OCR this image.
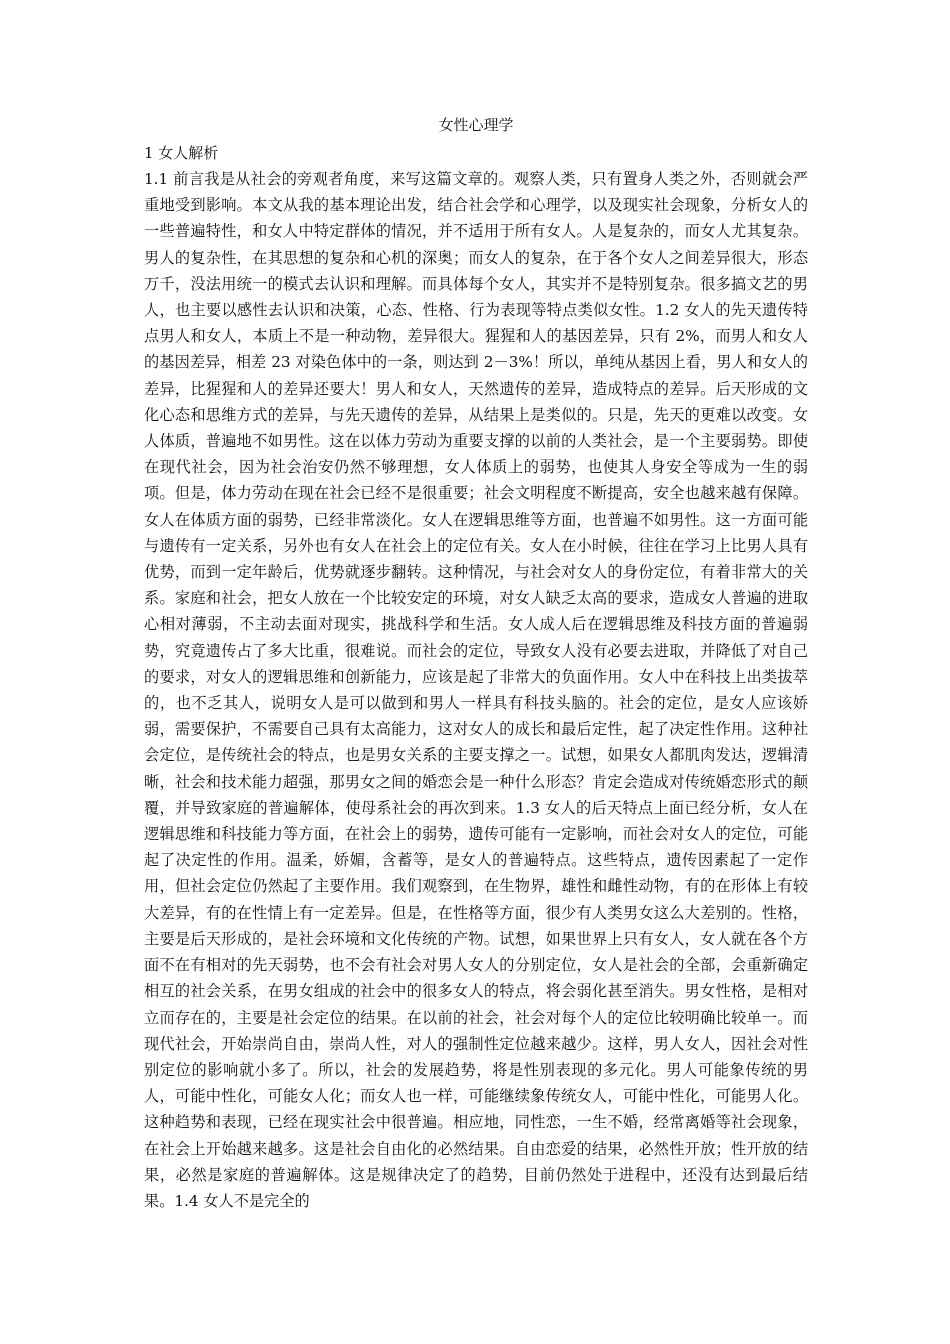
女性心理学
1 女人解析

1.1 前言我是从社会的旁观者角度，来写这篇文章的。观察人类，只有置身人类之外，否则就会严重地受到影响。本文从我的基本理论出发，结合社会学和心理学，以及现实社会现象，分析女人的一些普遍特性，和女人中特定群体的情况，并不适用于所有女人。人是复杂的，而女人尤其复杂。男人的复杂性，在其思想的复杂和心机的深奥；而女人的复杂，在于各个女人之间差异很大，形态万千，没法用统一的模式去认识和理解。而具体每个女人，其实并不是特别复杂。很多搞文艺的男人，也主要以感性去认识和决策，心态、性格、行为表现等特点类似女性。1.2 女人的先天遗传特点男人和女人，本质上不是一种动物，差异很大。猩猩和人的基因差异，只有 2%，而男人和女人的基因差异，相差 23 对染色体中的一条，则达到 2－3%！所以，单纯从基因上看，男人和女人的差异，比猩猩和人的差异还要大！男人和女人，天然遗传的差异，造成特点的差异。后天形成的文化心态和思维方式的差异，与先天遗传的差异，从结果上是类似的。只是，先天的更难以改变。女人体质，普遍地不如男性。这在以体力劳动为重要支撑的以前的人类社会，是一个主要弱势。即使在现代社会，因为社会治安仍然不够理想，女人体质上的弱势，也使其人身安全等成为一生的弱项。但是，体力劳动在现在社会已经不是很重要；社会文明程度不断提高，安全也越来越有保障。女人在体质方面的弱势，已经非常淡化。女人在逻辑思维等方面，也普遍不如男性。这一方面可能与遗传有一定关系，另外也有女人在社会上的定位有关。女人在小时候，往往在学习上比男人具有优势，而到一定年龄后，优势就逐步翻转。这种情况，与社会对女人的身份定位，有着非常大的关系。家庭和社会，把女人放在一个比较安定的环境，对女人缺乏太高的要求，造成女人普遍的进取心相对薄弱，不主动去面对现实，挑战科学和生活。女人成人后在逻辑思维及科技方面的普遍弱势，究竟遗传占了多大比重，很难说。而社会的定位，导致女人没有必要去进取，并降低了对自己的要求，对女人的逻辑思维和创新能力，应该是起了非常大的负面作用。女人中在科技上出类拔萃的，也不乏其人，说明女人是可以做到和男人一样具有科技头脑的。社会的定位，是女人应该娇弱，需要保护，不需要自己具有太高能力，这对女人的成长和最后定性，起了决定性作用。这种社会定位，是传统社会的特点，也是男女关系的主要支撑之一。试想，如果女人都肌肉发达，逻辑清晰，社会和技术能力超强，那男女之间的婚恋会是一种什么形态？肯定会造成对传统婚恋形式的颠覆，并导致家庭的普遍解体，使母系社会的再次到来。1.3 女人的后天特点上面已经分析，女人在逻辑思维和科技能力等方面，在社会上的弱势，遗传可能有一定影响，而社会对女人的定位，可能起了决定性的作用。温柔，娇媚，含蓄等，是女人的普遍特点。这些特点，遗传因素起了一定作用，但社会定位仍然起了主要作用。我们观察到，在生物界，雄性和雌性动物，有的在形体上有较大差异，有的在性情上有一定差异。但是，在性格等方面，很少有人类男女这么大差别的。性格，主要是后天形成的，是社会环境和文化传统的产物。试想，如果世界上只有女人，女人就在各个方面不在有相对的先天弱势，也不会有社会对男人女人的分别定位，女人是社会的全部，会重新确定相互的社会关系，在男女组成的社会中的很多女人的特点，将会弱化甚至消失。男女性格，是相对立而存在的，主要是社会定位的结果。在以前的社会，社会对每个人的定位比较明确比较单一。而现代社会，开始崇尚自由，崇尚人性，对人的强制性定位越来越少。这样，男人女人，因社会对性别定位的影响就小多了。所以，社会的发展趋势，将是性别表现的多元化。男人可能象传统的男人，可能中性化，可能女人化；而女人也一样，可能继续象传统女人，可能中性化，可能男人化。这种趋势和表现，已经在现实社会中很普遍。相应地，同性恋，一生不婚，经常离婚等社会现象，在社会上开始越来越多。这是社会自由化的必然结果。自由恋爱的结果，必然性开放；性开放的结果，必然是家庭的普遍解体。这是规律决定了的趋势，目前仍然处于进程中，还没有达到最后结果。1.4 女人不是完全的
